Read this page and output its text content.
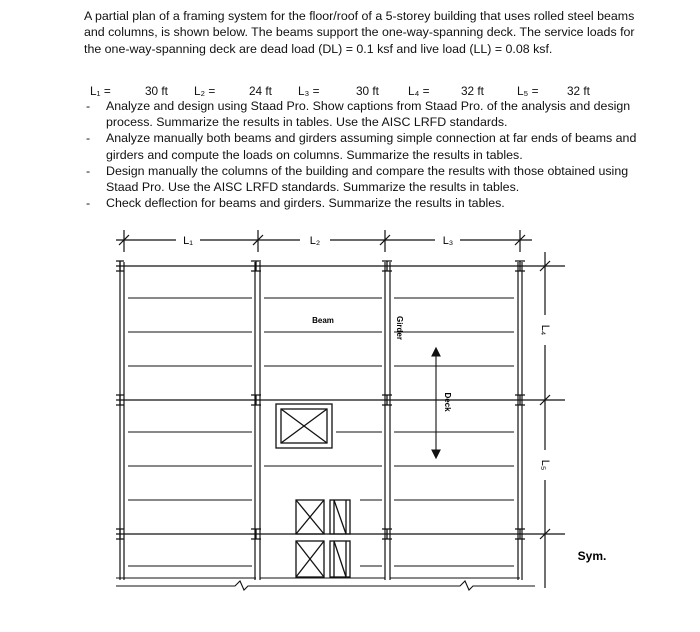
A partial plan of a framing system for the floor/roof of a 5-storey building that uses rolled steel beams and columns, is shown below. The beams support the one-way-spanning deck. The service loads for the one-way-spanning deck are dead load (DL) = 0.1 ksf and live load (LL) = 0.08 ksf.
L₁ =	30 ft L₂ =	24 ft L₃ =	30 ft L₄ =	32 ft	L₅ = 32 ft
- Analyze and design using Staad Pro. Show captions from Staad Pro. of the analysis and design process. Summarize the results in tables. Use the AISC LRFD standards.
- Analyze manually both beams and girders assuming simple connection at far ends of beams and girders and compute the loads on columns. Summarize the results in tables.
- Design manually the columns of the building and compare the results with those obtained using Staad Pro. Use the AISC LRFD standards. Summarize the results in tables.
- Check deflection for beams and girders. Summarize the results in tables.
L₁	L₂	L₃
L₄
L₅
Beam	Girder
Deck
Sym.
